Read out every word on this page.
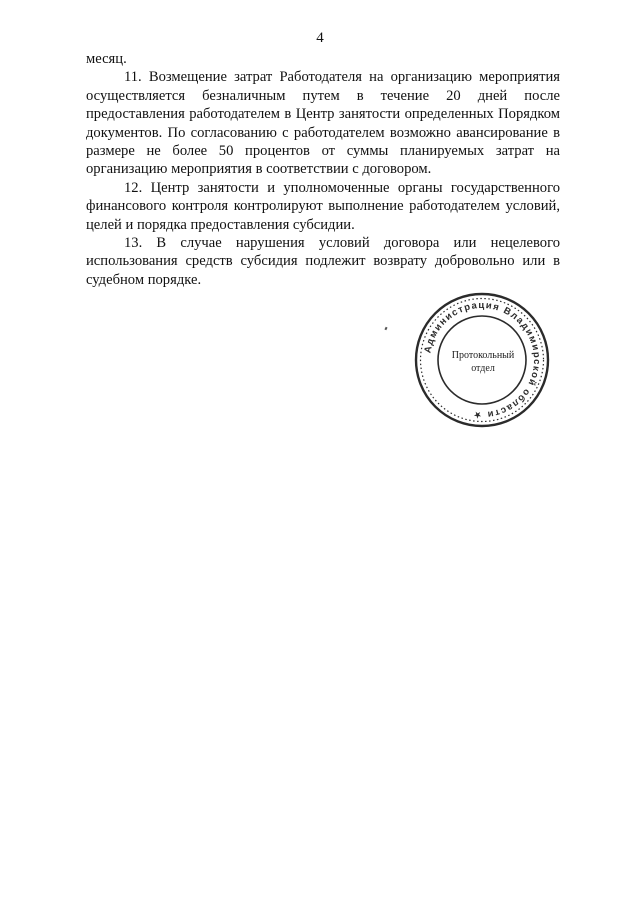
4

месяц.

11. Возмещение затрат Работодателя на организацию мероприятия осуществляется безналичным путем в течение 20 дней после предоставления работодателем в Центр занятости определенных Порядком документов. По согласованию с работодателем возможно авансирование в размере не более 50 процентов от суммы планируемых затрат на организацию мероприятия в соответствии с договором.

12. Центр занятости и уполномоченные органы государственного финансового контроля контролируют выполнение работодателем условий, целей и порядка предоставления субсидии.

13. В случае нарушения условий договора или нецелевого использования средств субсидия подлежит возврату добровольно или в судебном порядке.

Администрация Владимирской области ★
Протокольный
отдел
